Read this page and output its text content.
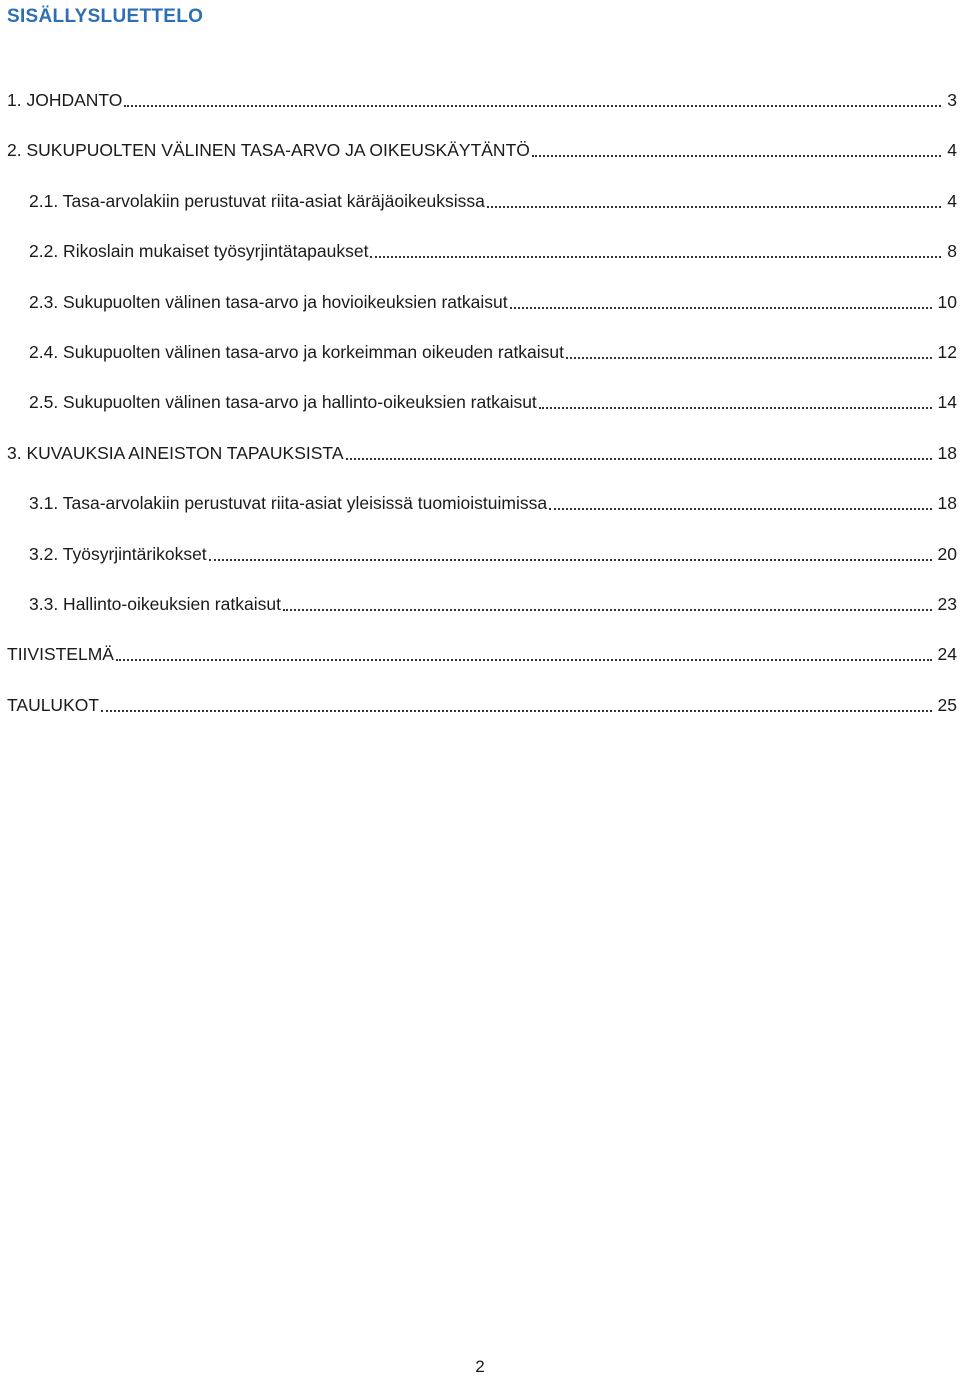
SISÄLLYSLUETTELO
1. JOHDANTO	3
2. SUKUPUOLTEN VÄLINEN TASA-ARVO JA OIKEUSKÄYTÄNTÖ	4
2.1. Tasa-arvolakiin perustuvat riita-asiat käräjäoikeuksissa	4
2.2. Rikoslain mukaiset työsyrjintätapaukset	8
2.3. Sukupuolten välinen tasa-arvo ja hovioikeuksien ratkaisut	10
2.4. Sukupuolten välinen tasa-arvo ja korkeimman oikeuden ratkaisut	12
2.5. Sukupuolten välinen tasa-arvo ja hallinto-oikeuksien ratkaisut	14
3. KUVAUKSIA AINEISTON TAPAUKSISTA	18
3.1. Tasa-arvolakiin perustuvat riita-asiat yleisissä tuomioistuimissa	18
3.2. Työsyrjintärikokset	20
3.3. Hallinto-oikeuksien ratkaisut	23
TIIVISTELMÄ	24
TAULUKOT	25
2
